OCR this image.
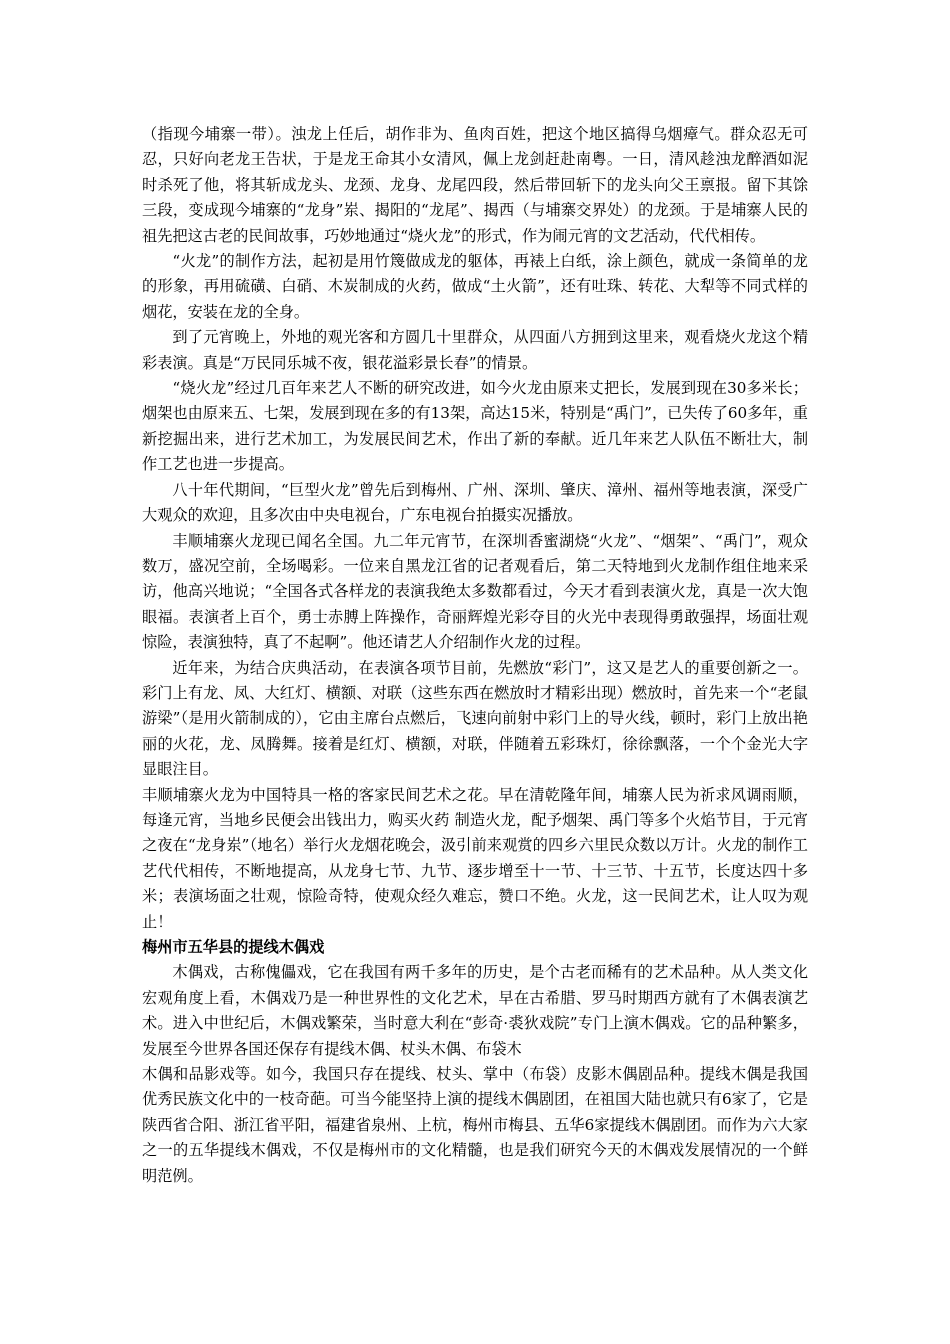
（指现今埔寨一带）。浊龙上任后，胡作非为、鱼肉百姓，把这个地区搞得乌烟瘴气。群众忍无可忍，只好向老龙王告状，于是龙王命其小女清风，佩上龙剑赶赴南粤。一日，清风趁浊龙醉酒如泥时杀死了他，将其斩成龙头、龙颈、龙身、龙尾四段，然后带回斩下的龙头向父王禀报。留下其馀三段，变成现今埔寨的“龙身”岽、揭阳的“龙尾”、揭西（与埔寨交界处）的龙颈。于是埔寨人民的祖先把这古老的民间故事，巧妙地通过“烧火龙”的形式，作为闹元宵的文艺活动，代代相传。

“火龙”的制作方法，起初是用竹篾做成龙的躯体，再裱上白纸，涂上颜色，就成一条简单的龙的形象，再用硫磺、白硝、木炭制成的火药，做成“土火箭”，还有吐珠、转花、大犁等不同式样的烟花，安装在龙的全身。

到了元宵晚上，外地的观光客和方圆几十里群众，从四面八方拥到这里来，观看烧火龙这个精彩表演。真是“万民同乐城不夜，银花溢彩景长春”的情景。

“烧火龙”经过几百年来艺人不断的研究改进，如今火龙由原来丈把长，发展到现在30多米长；烟架也由原来五、七架，发展到现在多的有13架，高达15米，特别是“禹门”，已失传了60多年，重新挖掘出来，进行艺术加工，为发展民间艺术，作出了新的奉献。近几年来艺人队伍不断壮大，制作工艺也进一步提高。

八十年代期间，“巨型火龙”曾先后到梅州、广州、深圳、肇庆、漳州、福州等地表演，深受广大观众的欢迎，且多次由中央电视台，广东电视台拍摄实况播放。

丰顺埔寨火龙现已闻名全国。九二年元宵节，在深圳香蜜湖烧“火龙”、“烟架”、“禹门”，观众数万，盛况空前，全场喝彩。一位来自黑龙江省的记者观看后，第二天特地到火龙制作组住地来采访，他高兴地说；“全国各式各样龙的表演我绝太多数都看过，今天才看到表演火龙，真是一次大饱眼福。表演者上百个，勇士赤膊上阵操作，奇丽辉煌光彩夺目的火光中表现得勇敢强捍，场面壮观惊险，表演独特，真了不起啊”。他还请艺人介绍制作火龙的过程。

近年来，为结合庆典活动，在表演各项节目前，先燃放“彩门”，这又是艺人的重要创新之一。彩门上有龙、凤、大红灯、横额、对联（这些东西在燃放时才精彩出现）燃放时，首先来一个“老鼠游梁”（是用火箭制成的），它由主席台点燃后，飞速向前射中彩门上的导火线，顿时，彩门上放出艳丽的火花，龙、凤腾舞。接着是红灯、横额，对联，伴随着五彩珠灯，徐徐飘落，一个个金光大字显眼注目。

丰顺埔寨火龙为中国特具一格的客家民间艺术之花。早在清乾隆年间，埔寨人民为祈求风调雨顺，每逢元宵，当地乡民便会出钱出力，购买火药 制造火龙，配予烟架、禹门等多个火焰节目，于元宵之夜在“龙身岽”（地名）举行火龙烟花晚会，汲引前来观赏的四乡六里民众数以万计。火龙的制作工艺代代相传，不断地提高，从龙身七节、九节、逐步增至十一节、十三节、十五节，长度达四十多米；表演场面之壮观，惊险奇特，使观众经久难忘，赞口不绝。火龙，这一民间艺术，让人叹为观止！

梅州市五华县的提线木偶戏

木偶戏，古称傀儡戏，它在我国有两千多年的历史，是个古老而稀有的艺术品种。从人类文化宏观角度上看，木偶戏乃是一种世界性的文化艺术，早在古希腊、罗马时期西方就有了木偶表演艺术。进入中世纪后，木偶戏繁荣，当时意大利在“彭奇·裘狄戏院”专门上演木偶戏。它的品种繁多，发展至今世界各国还保存有提线木偶、杖头木偶、布袋木

木偶和品影戏等。如今，我国只存在提线、杖头、掌中（布袋）皮影木偶剧品种。提线木偶是我国优秀民族文化中的一枝奇葩。可当今能坚持上演的提线木偶剧团，在祖国大陆也就只有6家了，它是陕西省合阳、浙江省平阳，福建省泉州、上杭，梅州市梅县、五华6家提线木偶剧团。而作为六大家之一的五华提线木偶戏，不仅是梅州市的文化精髓，也是我们研究今天的木偶戏发展情况的一个鲜明范例。
